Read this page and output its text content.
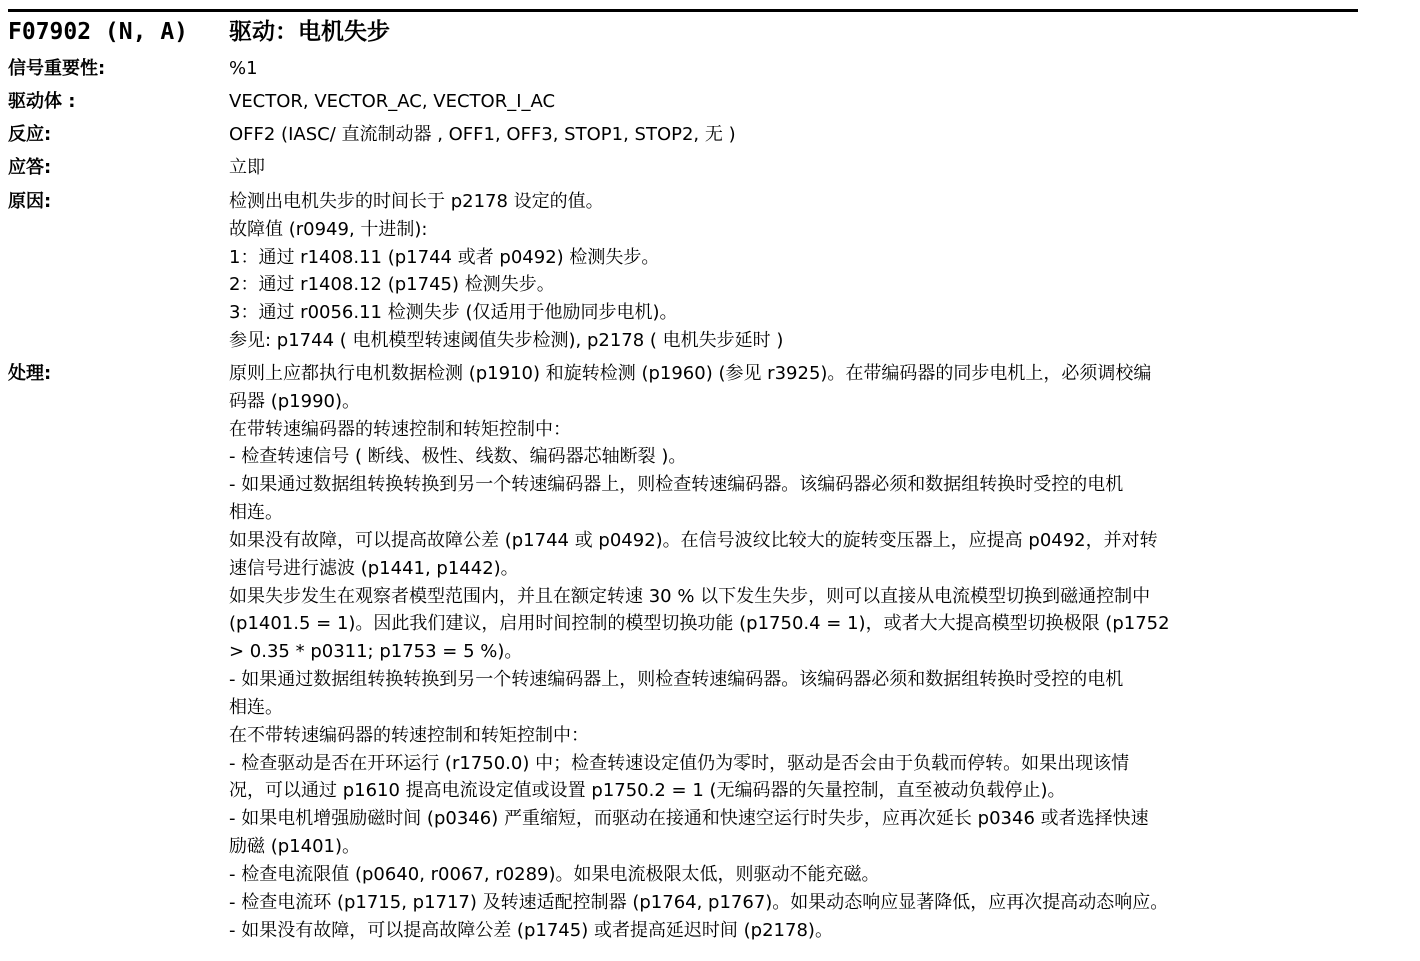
F07902 (N, A) 驱动：电机失步
信号重要性:	%1
驱动体 :	VECTOR, VECTOR_AC, VECTOR_I_AC
反应:	OFF2 (IASC/ 直流制动器 , OFF1, OFF3, STOP1, STOP2, 无 )
应答:	立即
原因:	检测出电机失步的时间长于 p2178 设定的值。
故障值 (r0949, 十进制):
1：通过 r1408.11 (p1744 或者 p0492) 检测失步。
2：通过 r1408.12 (p1745) 检测失步。
3：通过 r0056.11 检测失步 (仅适用于他励同步电机)。
参见: p1744 ( 电机模型转速阈值失步检测), p2178 ( 电机失步延时 )
处理:	原则上应都执行电机数据检测 (p1910) 和旋转检测 (p1960) (参见 r3925)。在带编码器的同步电机上，必须调校编
码器 (p1990)。
在带转速编码器的转速控制和转矩控制中：
- 检查转速信号 ( 断线、极性、线数、编码器芯轴断裂 )。
- 如果通过数据组转换转换到另一个转速编码器上，则检查转速编码器。该编码器必须和数据组转换时受控的电机
相连。
如果没有故障，可以提高故障公差 (p1744 或 p0492)。在信号波纹比较大的旋转变压器上，应提高 p0492，并对转
速信号进行滤波 (p1441, p1442)。
如果失步发生在观察者模型范围内，并且在额定转速 30 % 以下发生失步，则可以直接从电流模型切换到磁通控制中
(p1401.5 = 1)。因此我们建议，启用时间控制的模型切换功能 (p1750.4 = 1)，或者大大提高模型切换极限 (p1752
> 0.35 * p0311; p1753 = 5 %)。
- 如果通过数据组转换转换到另一个转速编码器上，则检查转速编码器。该编码器必须和数据组转换时受控的电机
相连。
在不带转速编码器的转速控制和转矩控制中：
- 检查驱动是否在开环运行 (r1750.0) 中；检查转速设定值仍为零时，驱动是否会由于负载而停转。如果出现该情
况，可以通过 p1610 提高电流设定值或设置 p1750.2 = 1 (无编码器的矢量控制，直至被动负载停止)。
- 如果电机增强励磁时间 (p0346) 严重缩短，而驱动在接通和快速空运行时失步，应再次延长 p0346 或者选择快速
励磁 (p1401)。
- 检查电流限值 (p0640, r0067, r0289)。如果电流极限太低，则驱动不能充磁。
- 检查电流环 (p1715, p1717) 及转速适配控制器 (p1764, p1767)。如果动态响应显著降低，应再次提高动态响应。
- 如果没有故障，可以提高故障公差 (p1745) 或者提高延迟时间 (p2178)。
